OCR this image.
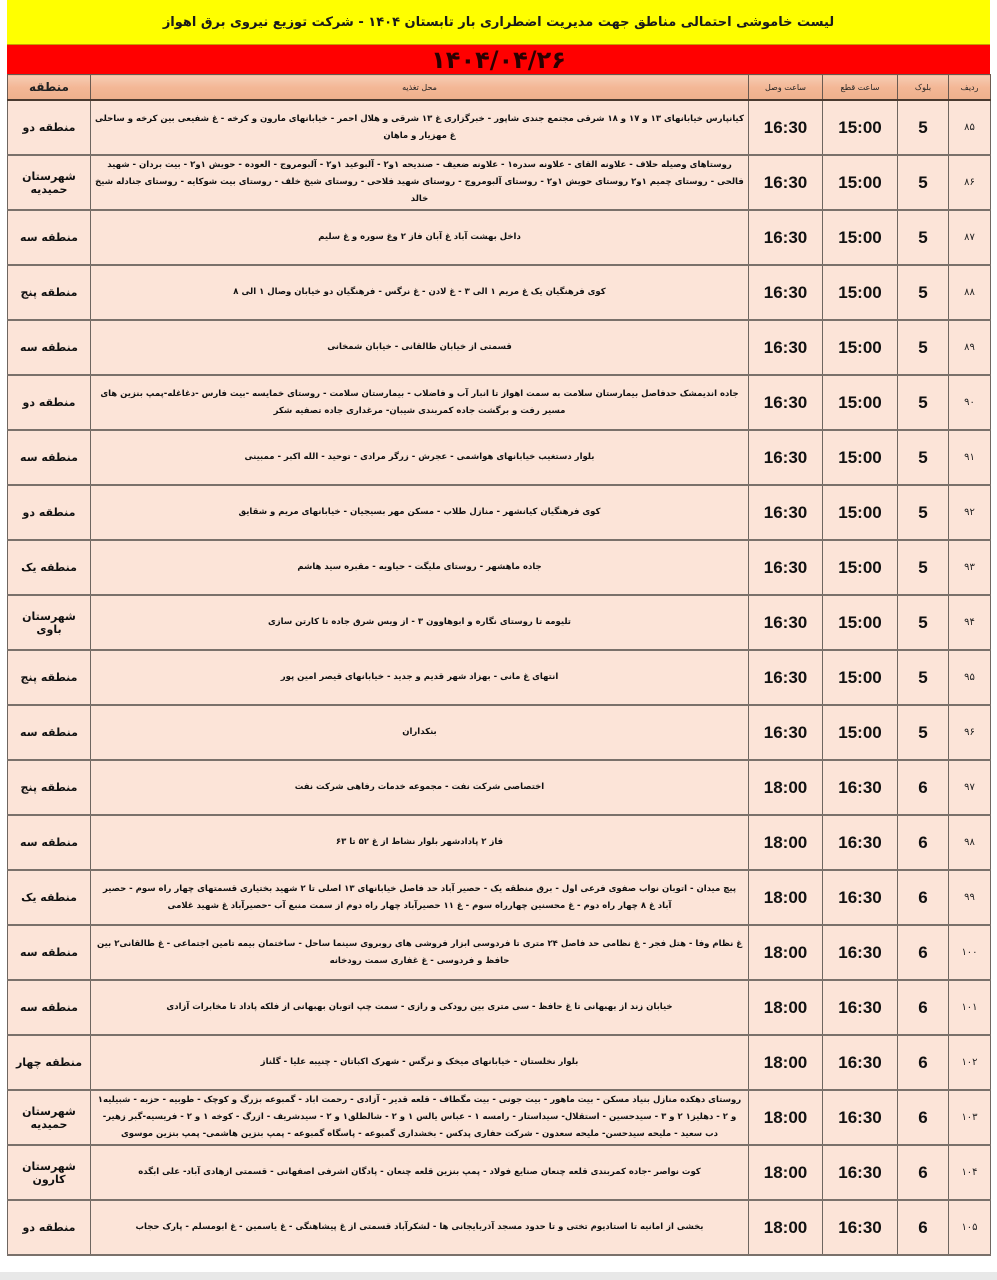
لیست خاموشی احتمالی مناطق جهت مدیریت اضطراری بار تابستان ۱۴۰۴ - شرکت توزیع نیروی برق اهواز
۱۴۰۴/۰۴/۲۶
ردیف	بلوک	ساعت قطع	ساعت وصل	محل تغذیه	منطقه
۸۵	5	15:00	16:30	کیانپارس خیابانهای ۱۳ و ۱۷ و ۱۸ شرقی مجتمع جندی شاپور - خبرگزاری غ ۱۳ شرقی و هلال احمر - خیابانهای مارون و کرخه - غ شفیعی بین کرخه و ساحلی غ مهزیار و ماهان	منطقه دو
۸۶	5	15:00	16:30	روستاهای وصیله حلاف - علاونه القای - علاونه سدره۱ - علاونه ضعیف - صندیحه ۱و۲ - آلبوعید ۱و۲ - آلبومروج - العوده - حویش ۱و۲ - بیت بردان - شهید فالحی - روستای چمیم ۱و۲ روستای حویش ۱و۲ - روستای آلبومروج - روستای شهید فلاحی - روستای شیخ خلف - روستای بیت شوکایه - روستای جنادله شیخ خالد	شهرستان حمیدیه
۸۷	5	15:00	16:30	داخل بهشت آباد غ آبان فاز ۲ وغ سوره و غ سلیم	منطقه سه
۸۸	5	15:00	16:30	کوی فرهنگیان یک غ مریم ۱ الی ۳ - غ لادن - غ نرگس - فرهنگیان دو خیابان وصال ۱ الی ۸	منطقه پنج
۸۹	5	15:00	16:30	قسمتی از خیابان طالقانی - خیابان شمخانی	منطقه سه
۹۰	5	15:00	16:30	جاده اندیمشک حدفاصل بیمارستان سلامت به سمت اهواز تا انبار آب و فاضلاب - بیمارستان سلامت - روستای خمایسه -بیت فارس -دغاغله-پمپ بنزین های مسیر رفت و برگشت جاده کمربندی شیبان- مرغداری جاده تصفیه شکر	منطقه دو
۹۱	5	15:00	16:30	بلوار دستغیب خیابانهای هواشمی - عجرش - زرگر مرادی - توحید - الله اکبر - ممبینی	منطقه سه
۹۲	5	15:00	16:30	کوی فرهنگیان کیانشهر - منازل طلاب - مسکن مهر بسیجیان - خیابانهای مریم و شقایق	منطقه دو
۹۳	5	15:00	16:30	جاده ماهشهر - روستای ملیگت - حیاویه - مقبره سید هاشم	منطقه یک
۹۴	5	15:00	16:30	تلیومه تا روستای نگاره و ابوهاوون ۳ - از ویس شرق جاده تا کارتن سازی	شهرستان باوی
۹۵	5	15:00	16:30	انتهای غ مانی - بهزاد شهر قدیم و جدید - خیابانهای قیصر امین پور	منطقه پنج
۹۶	5	15:00	16:30	بنکداران	منطقه سه
۹۷	6	16:30	18:00	اختصاصی شرکت نفت - مجموعه خدمات رفاهی شرکت نفت	منطقه پنج
۹۸	6	16:30	18:00	فاز ۲ پادادشهر بلوار نشاط از غ ۵۲ تا ۶۳	منطقه سه
۹۹	6	16:30	18:00	پیچ میدان - اتوبان نواب صفوی فرعی اول - برق منطقه یک - حصیر آباد حد فاصل خیابانهای ۱۳ اصلی تا ۲ شهید بختیاری قسمتهای چهار راه سوم - حصیر آباد غ ۸ چهار راه دوم - غ محسنین چهارراه سوم - غ ۱۱ حصیرآباد چهار راه دوم از سمت منبع آب -حصیرآباد غ شهید غلامی	منطقه یک
۱۰۰	6	16:30	18:00	غ نظام وفا - هتل فجر - غ نظامی حد فاصل ۲۴ متری تا فردوسی ابزار فروشی های روبروی سینما ساحل - ساختمان بیمه تامین اجتماعی - غ طالقانی۲ بین حافظ و فردوسی - غ غفاری سمت رودخانه	منطقه سه
۱۰۱	6	16:30	18:00	خیابان زند از بهبهانی تا غ حافظ - سی متری بین رودکی و رازی - سمت چپ اتوبان بهبهانی از فلکه پاداد تا مخابرات آزادی	منطقه سه
۱۰۲	6	16:30	18:00	بلوار نخلستان - خیابانهای میخک و نرگس - شهرک اکباتان - چنیبه علیا - گلناز	منطقه چهار
۱۰۳	6	16:30	18:00	روستای دهکده منازل بنیاد مسکن - بیت ماهور - بیت جونی - بیت مگطاف - قلعه قدیر - آزادی - رحمت اباد - گمبوعه بزرگ و کوچک - طوبیه - حزبه - شبیلیه۱ و ۲ - دهلیز۱ ۲ و ۳ - سیدحسین - استقلال- سیداستار - رامسه ۱ - عباس یالس ۱ و ۲ - شالطلق۱ و ۲ - سیدشریف - ازرگ - کوخه ۱ و ۲ - فریسیه-گبر زهیر- دب سعید - ملیحه سیدحسن- ملیحه سعدون - شرکت حفاری پدکس - بخشداری گمبوعه - پاسگاه گمبوعه - پمپ بنزین هاشمی- پمپ بنزین موسوی	شهرستان حمیدیه
۱۰۴	6	16:30	18:00	کوت نواصر -جاده کمربندی قلعه چنعان صنایع فولاد - پمپ بنزین قلعه چنعان - پادگان اشرفی اصفهانی - قسمتی ازهادی آباد- علی ابگده	شهرستان کارون
۱۰۵	6	16:30	18:00	بخشی از امانیه تا استادیوم تختی و تا حدود مسجد آذربایجانی ها - لشکرآباد قسمتی از غ پیشاهنگی - غ یاسمین - غ ابومسلم - پارک حجاب	منطقه دو
